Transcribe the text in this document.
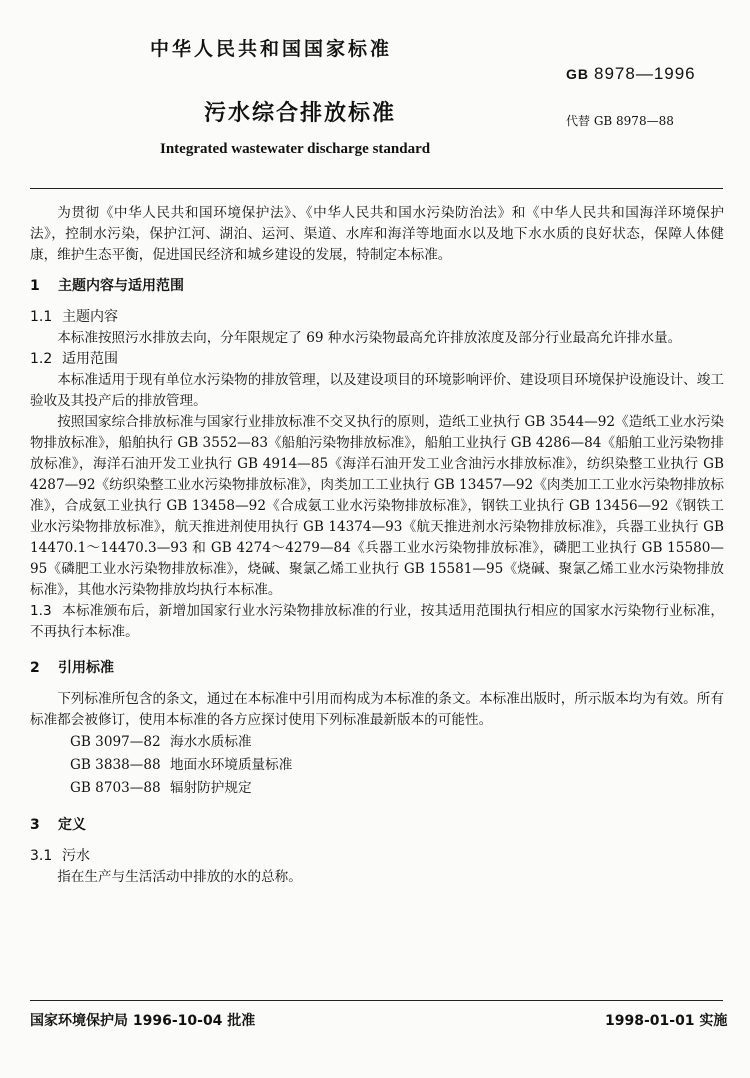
中华人民共和国国家标准
GB 8978—1996
污水综合排放标准	代替 GB 8978—88
Integrated wastewater discharge standard

为贯彻《中华人民共和国环境保护法》、《中华人民共和国水污染防治法》和《中华人民共和国海洋环境保护法》，控制水污染，保护江河、湖泊、运河、渠道、水库和海洋等地面水以及地下水水质的良好状态，保障人体健康，维护生态平衡，促进国民经济和城乡建设的发展，特制定本标准。

1 主题内容与适用范围
1.1 主题内容

本标准按照污水排放去向，分年限规定了 69 种水污染物最高允许排放浓度及部分行业最高允许排水量。

1.2 适用范围

本标准适用于现有单位水污染物的排放管理，以及建设项目的环境影响评价、建设项目环境保护设施设计、竣工验收及其投产后的排放管理。

按照国家综合排放标准与国家行业排放标准不交叉执行的原则，造纸工业执行 GB 3544—92《造纸工业水污染物排放标准》，船舶执行 GB 3552—83《船舶污染物排放标准》，船舶工业执行 GB 4286—84《船舶工业污染物排放标准》，海洋石油开发工业执行 GB 4914—85《海洋石油开发工业含油污水排放标准》，纺织染整工业执行 GB 4287—92《纺织染整工业水污染物排放标准》，肉类加工工业执行 GB 13457—92《肉类加工工业水污染物排放标准》，合成氨工业执行 GB 13458—92《合成氨工业水污染物排放标准》，钢铁工业执行 GB 13456—92《钢铁工业水污染物排放标准》，航天推进剂使用执行 GB 14374—93《航天推进剂水污染物排放标准》，兵器工业执行 GB 14470.1～14470.3—93 和 GB 4274～4279—84《兵器工业水污染物排放标准》，磷肥工业执行 GB 15580—95《磷肥工业水污染物排放标准》，烧碱、聚氯乙烯工业执行 GB 15581—95《烧碱、聚氯乙烯工业水污染物排放标准》，其他水污染物排放均执行本标准。

1.3 本标准颁布后，新增加国家行业水污染物排放标准的行业，按其适用范围执行相应的国家水污染物行业标准，不再执行本标准。

2 引用标准

下列标准所包含的条文，通过在本标准中引用而构成为本标准的条文。本标准出版时，所示版本均为有效。所有标准都会被修订，使用本标准的各方应探讨使用下列标准最新版本的可能性。

GB 3097—82 海水水质标准
GB 3838—88 地面水环境质量标准
GB 8703—88 辐射防护规定
3 定义
3.1 污水

指在生产与生活活动中排放的水的总称。

国家环境保护局 1996-10-04 批准	1998-01-01 实施
